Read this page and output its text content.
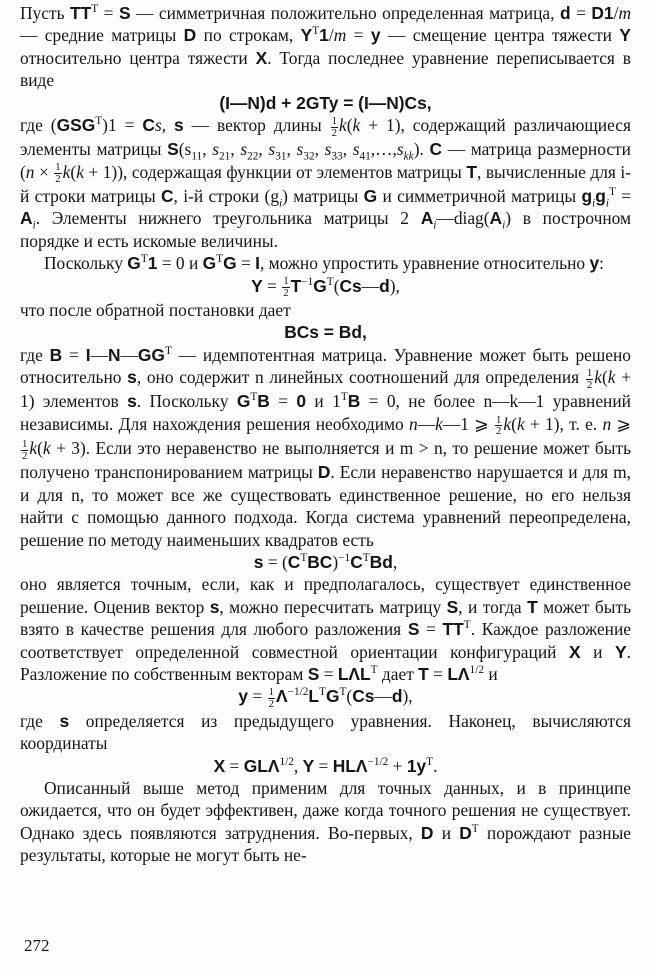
Пусть $TT^T = S$ — симметричная положительно определенная матрица, d = D1/m — средние матрицы D по строкам, $Y^T1/m = y$ — смещение центра тяжести Y относительно центра тяжести X. Тогда последнее уравнение переписывается в виде

(I—N)d + 2GTy = (I—N)Cs,

где $(GSG^T)1 = Cs$, s — вектор длины $\frac{1}{2} k(k + 1)$, содержащий различающиеся элементы матрицы $S(s_{11}$, $s_{21}$, $s_{22}$, $s_{31}$, $s_{32}$, $s_{33}$, $s_{41},\dots,s_{kk}$). C — матрица размерности $(n \times \frac{1}{2} k(k + 1))$, содержащая функции от элементов матрицы T, вычисленные для i-й строки матрицы C, i-й строки $(g_i)$ матрицы G и симметричной матрицы $g_ig_i^T = A_i$. Элементы нижнего треугольника матрицы 2 $A_i—diag(A_i)$ в построчном порядке и есть искомые величины.

Поскольку $G^T1 = 0$ и $G^TG = I$, можно упростить уравнение относительно y:

$Y = \frac{1}{2}$ $T^{-1}G^T(Cs—d)$,

что после обратной постановки дает

BCs = Bd,

где $B = I—N—GG^T$ — идемпотентная матрица. Уравнение может быть решено относительно s, оно содержит n линейных соотношений для определения $\frac{1}{2} k(k + 1)$ элементов s. Поскольку $G^TB = 0$ и $1^TB = 0$, не более n—k—1 уравнений независимы. Для нахождения решения необходимо n—k—1 ⩾ $\frac{1}{2} k(k + 1)$, т. е. n ⩾
$\frac{1}{2} k(k + 3)$. Если это неравенство не выполняется и m > n, то решение может быть получено транспонированием матрицы D. Если неравенство нарушается и для m, и для n, то может все же существовать единственное решение, но его нельзя найти с помощью данного подхода. Когда система уравнений переопределена, решение по методу наименьших квадратов есть

$s = (C^TBC)^{-1}C^TBd$,

оно является точным, если, как и предполагалось, существует единственное решение. Оценив вектор s, можно пересчитать матрицу S, и тогда T может быть взято в качестве решения для любого разложения $S = TT^T$. Каждое разложение соответствует определенной совместной ориентации конфигураций X и Y. Разложение по собственным векторам $S = L\Lambda L^T$ дает $T = L\Lambda^{1/2}$ и

$y = \frac{1}{2}$ $\Lambda^{-1/2}L^TG^T(Cs—d)$,

где s определяется из предыдущего уравнения. Наконец, вычисляются координаты

$X = GL\Lambda^{1/2}$, $Y = HL\Lambda^{-1/2} + 1y^T$.

Описанный выше метод применим для точных данных, и в принципе ожидается, что он будет эффективен, даже когда точного решения не существует. Однако здесь появляются затруднения. Во-первых, D и $D^T$ порождают разные результаты, которые не могут быть не-

272
